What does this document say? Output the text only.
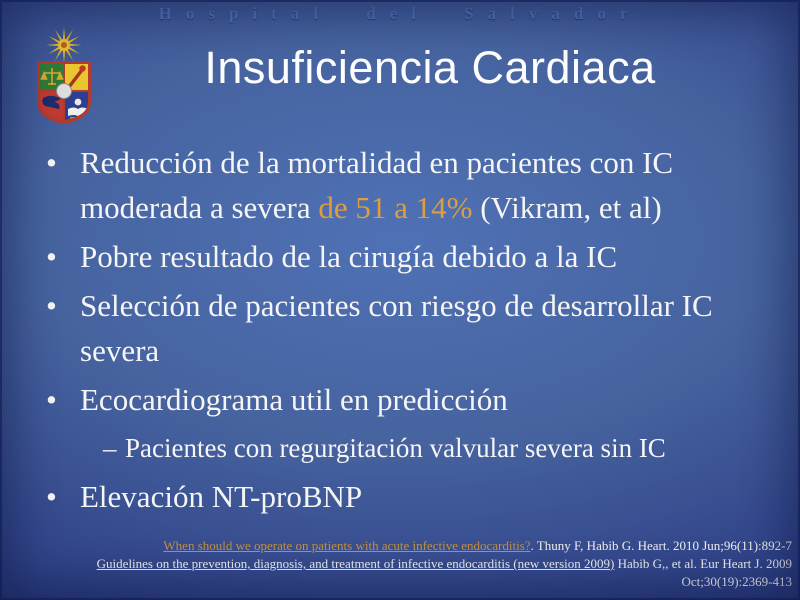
Hospital del Salvador
Insuficiencia Cardiaca
• Reducción de la mortalidad en pacientes con IC moderada a severa de 51 a 14% (Vikram, et al)
• Pobre resultado de la cirugía debido a la IC
• Selección de pacientes con riesgo de desarrollar IC severa
• Ecocardiograma util en predicción
– Pacientes con regurgitación valvular severa sin IC
• Elevación NT-proBNP
When should we operate on patients with acute infective endocarditis?. Thuny F, Habib G. Heart. 2010 Jun;96(11):892-7
Guidelines on the prevention, diagnosis, and treatment of infective endocarditis (new version 2009) Habib G,, et al. Eur Heart J. 2009
Oct;30(19):2369-413
